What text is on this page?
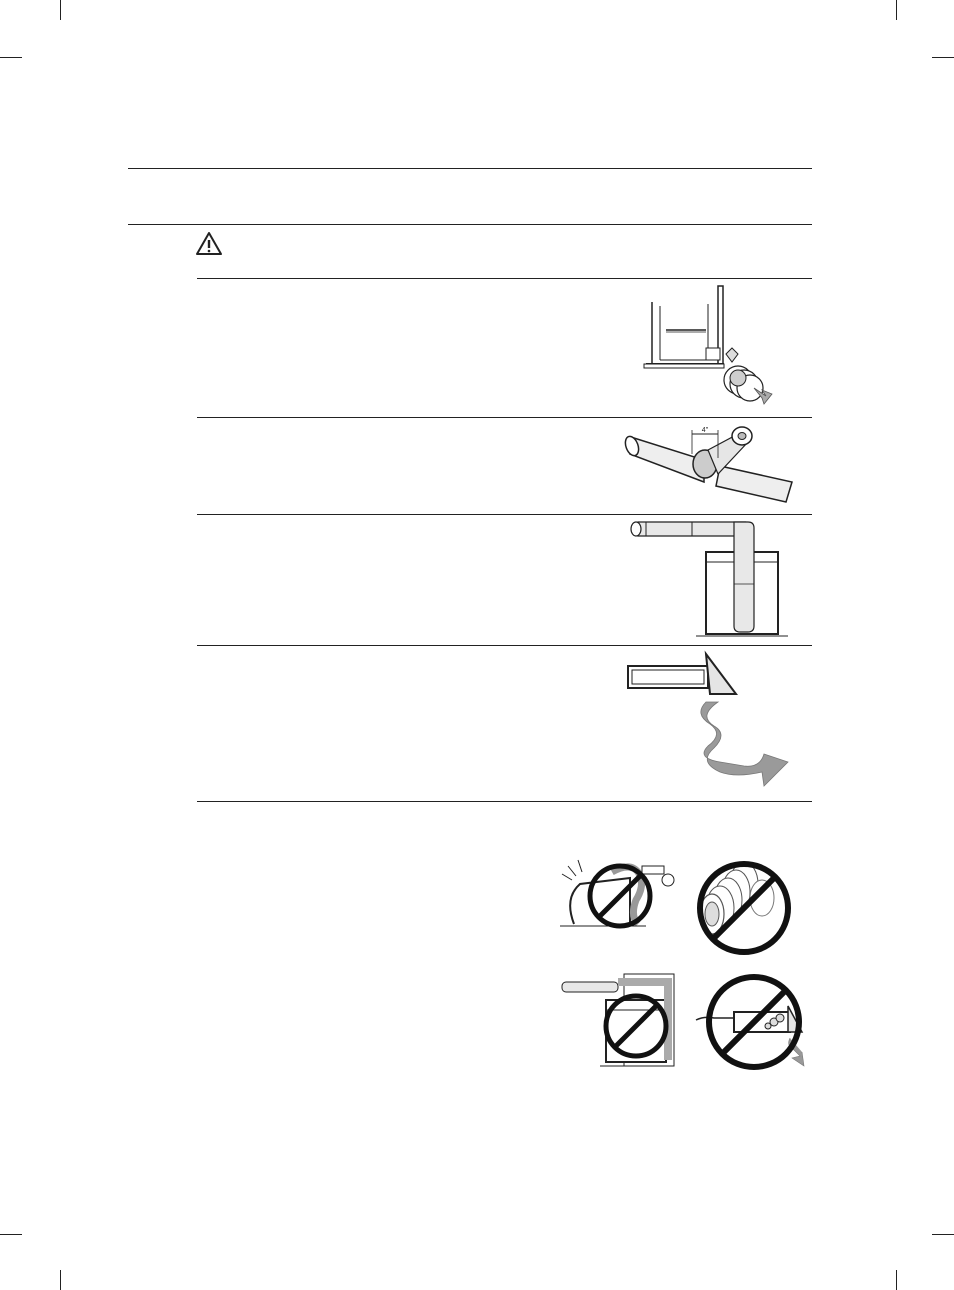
4"
